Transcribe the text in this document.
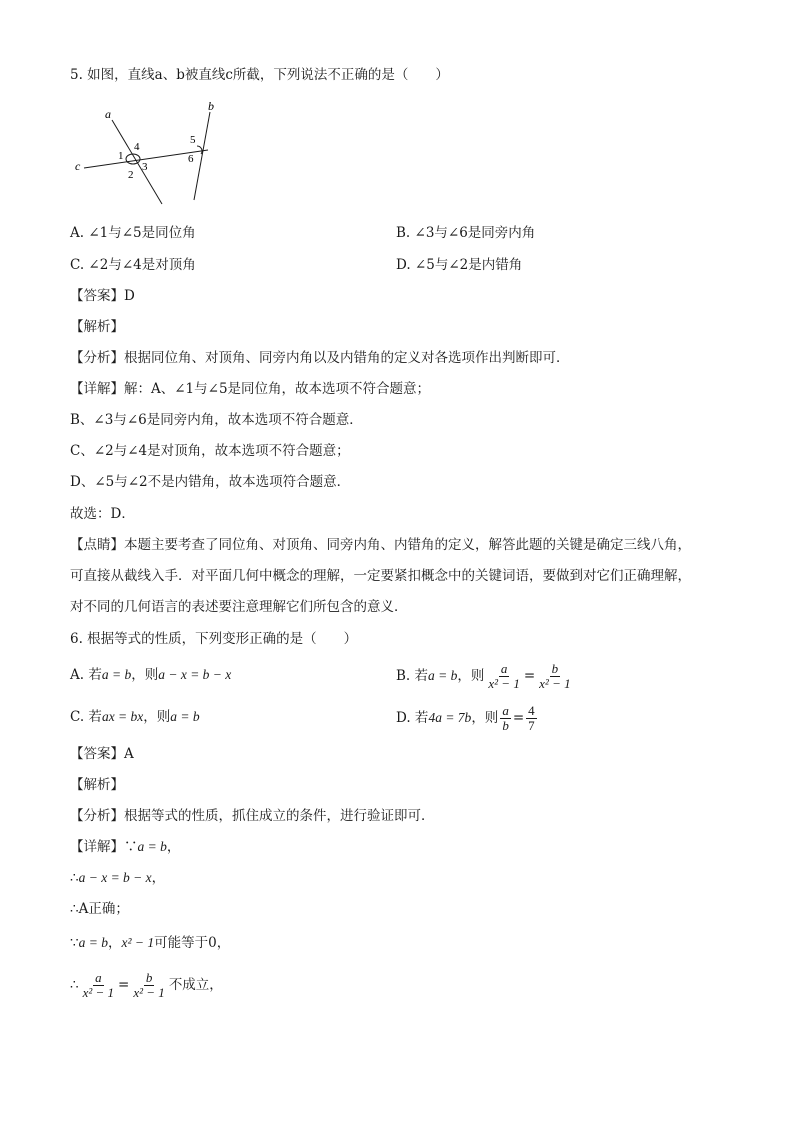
5. 如图，直线a、b被直线c所截，下列说法不正确的是（　　）
a
b
c
1
2
3
4
5
6
A. ∠1与∠5是同位角	B. ∠3与∠6是同旁内角
C. ∠2与∠4是对顶角	D. ∠5与∠2是内错角
【答案】D
【解析】
【分析】根据同位角、对顶角、同旁内角以及内错角的定义对各选项作出判断即可．
【详解】解：A、∠1与∠5是同位角，故本选项不符合题意；
B、∠3与∠6是同旁内角，故本选项不符合题意．
C、∠2与∠4是对顶角，故本选项不符合题意；
D、∠5与∠2不是内错角，故本选项符合题意．
故选：D．
【点睛】本题主要考查了同位角、对顶角、同旁内角、内错角的定义，解答此题的关键是确定三线八角，
可直接从截线入手．对平面几何中概念的理解，一定要紧扣概念中的关键词语，要做到对它们正确理解，
对不同的几何语言的表述要注意理解它们所包含的意义．
6. 根据等式的性质，下列变形正确的是（　　）
A. 若a = b，则a − x = b − x	B. 若 a = b ，则 $\frac{a}{\text{x² − 1}} = \frac{b}{\text{x² − 1}}$
C. 若ax = bx，则a = b	D. 若 4a = 7b ，则 $\frac{a}{b} = \frac{4}{7}$
【答案】A
【解析】
【分析】根据等式的性质，抓住成立的条件，进行验证即可．
【详解】∵a = b，
∴a − x = b − x，
∴A正确；
∵a = b，x² − 1可能等于0，
∴ $\frac{a}{\text{x² − 1}} = \frac{b}{\text{x² − 1}}$ 不成立，
